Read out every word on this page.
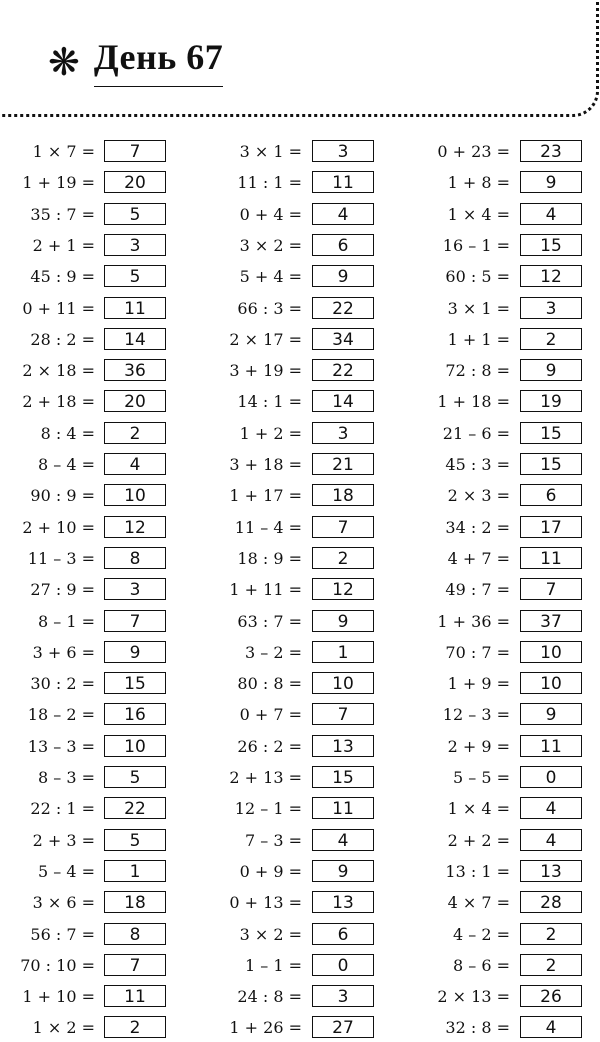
❋ День 67
1 × 7 =	7	3 × 1 =	3	0 + 23 =	23
1 + 19 =	20	11 : 1 =	11	1 + 8 =	9
35 : 7 =	5	0 + 4 =	4	1 × 4 =	4
2 + 1 =	3	3 × 2 =	6	16 – 1 =	15
45 : 9 =	5	5 + 4 =	9	60 : 5 =	12
0 + 11 =	11	66 : 3 =	22	3 × 1 =	3
28 : 2 =	14	2 × 17 =	34	1 + 1 =	2
2 × 18 =	36	3 + 19 =	22	72 : 8 =	9
2 + 18 =	20	14 : 1 =	14	1 + 18 =	19
8 : 4 =	2	1 + 2 =	3	21 – 6 =	15
8 – 4 =	4	3 + 18 =	21	45 : 3 =	15
90 : 9 =	10	1 + 17 =	18	2 × 3 =	6
2 + 10 =	12	11 – 4 =	7	34 : 2 =	17
11 – 3 =	8	18 : 9 =	2	4 + 7 =	11
27 : 9 =	3	1 + 11 =	12	49 : 7 =	7
8 – 1 =	7	63 : 7 =	9	1 + 36 =	37
3 + 6 =	9	3 – 2 =	1	70 : 7 =	10
30 : 2 =	15	80 : 8 =	10	1 + 9 =	10
18 – 2 =	16	0 + 7 =	7	12 – 3 =	9
13 – 3 =	10	26 : 2 =	13	2 + 9 =	11
8 – 3 =	5	2 + 13 =	15	5 – 5 =	0
22 : 1 =	22	12 – 1 =	11	1 × 4 =	4
2 + 3 =	5	7 – 3 =	4	2 + 2 =	4
5 – 4 =	1	0 + 9 =	9	13 : 1 =	13
3 × 6 =	18	0 + 13 =	13	4 × 7 =	28
56 : 7 =	8	3 × 2 =	6	4 – 2 =	2
70 : 10 =	7	1 – 1 =	0	8 – 6 =	2
1 + 10 =	11	24 : 8 =	3	2 × 13 =	26
1 × 2 =	2	1 + 26 =	27	32 : 8 =	4
